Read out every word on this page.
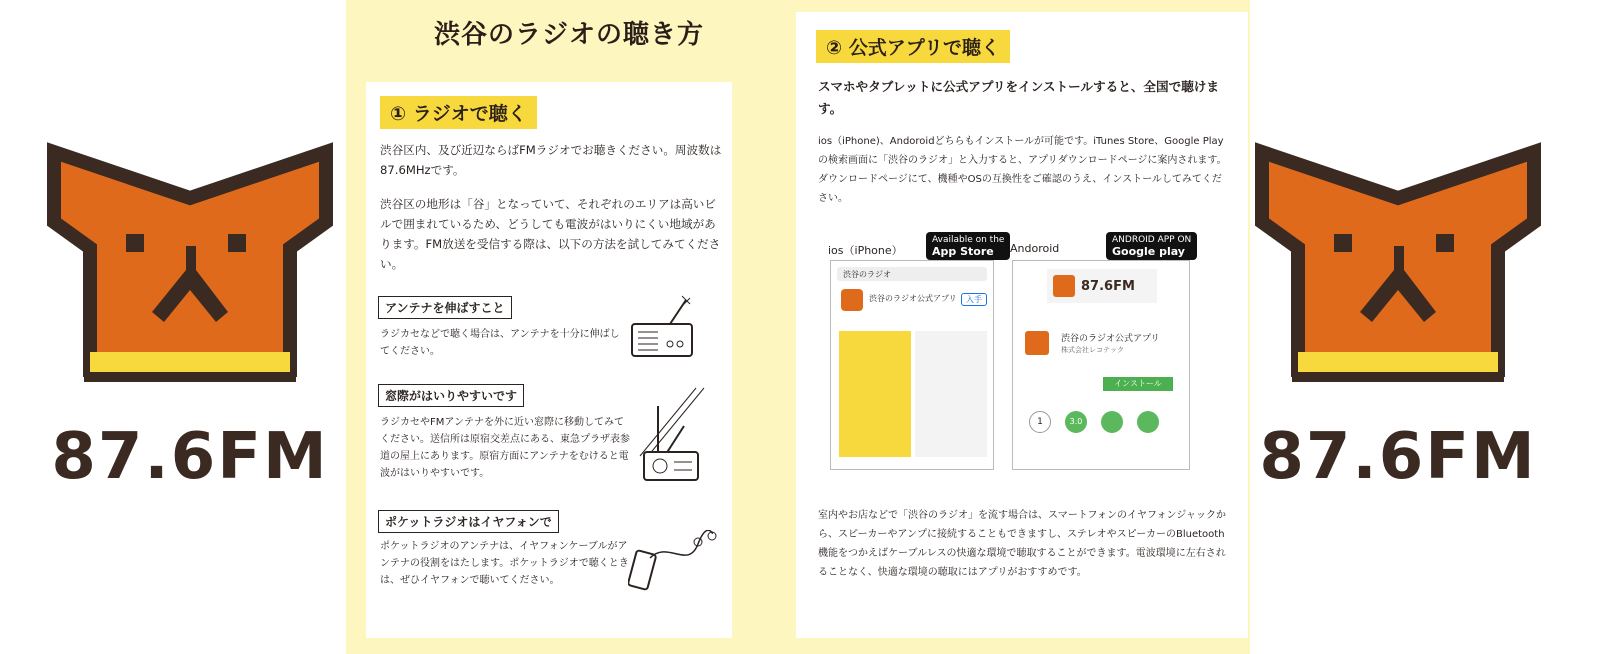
87.6FM	87.6FM
渋谷のラジオの聴き方
① ラジオで聴く
渋谷区内、及び近辺ならばFMラジオでお聴きください。周波数は87.6MHzです。
渋谷区の地形は「谷」となっていて、それぞれのエリアは高いビルで囲まれているため、どうしても電波がはいりにくい地域があります。FM放送を受信する際は、以下の方法を試してみてください。
アンテナを伸ばすこと
ラジカセなどで聴く場合は、アンテナを十分に伸ばしてください。
窓際がはいりやすいです
ラジカセやFMアンテナを外に近い窓際に移動してみてください。送信所は原宿交差点にある、東急プラザ表参道の屋上にあります。原宿方面にアンテナをむけると電波がはいりやすいです。
ポケットラジオはイヤフォンで
ポケットラジオのアンテナは、イヤフォンケーブルがアンテナの役割をはたします。ポケットラジオで聴くときは、ぜひイヤフォンで聴いてください。
② 公式アプリで聴く
スマホやタブレットに公式アプリをインストールすると、全国で聴けます。
ios（iPhone)、Andoroidどちらもインストールが可能です。iTunes Store、Google Playの検索画面に「渋谷のラジオ」と入力すると、アプリダウンロードページに案内されます。ダウンロードページにて、機種やOSの互換性をご確認のうえ、インストールしてみてください。
ios（iPhone）
Available on the
App Store
渋谷のラジオ
渋谷のラジオ公式アプリ	入手
Andoroid
ANDROID APP ON
Google play
87.6FM
渋谷のラジオ公式アプリ
株式会社レコテック
インストール
1	3.0
室内やお店などで「渋谷のラジオ」を流す場合は、スマートフォンのイヤフォンジャックから、スピーカーやアンプに接続することもできますし、ステレオやスピーカーのBluetooth機能をつかえばケーブルレスの快適な環境で聴取することができます。電波環境に左右されることなく、快適な環境の聴取にはアプリがおすすめです。
